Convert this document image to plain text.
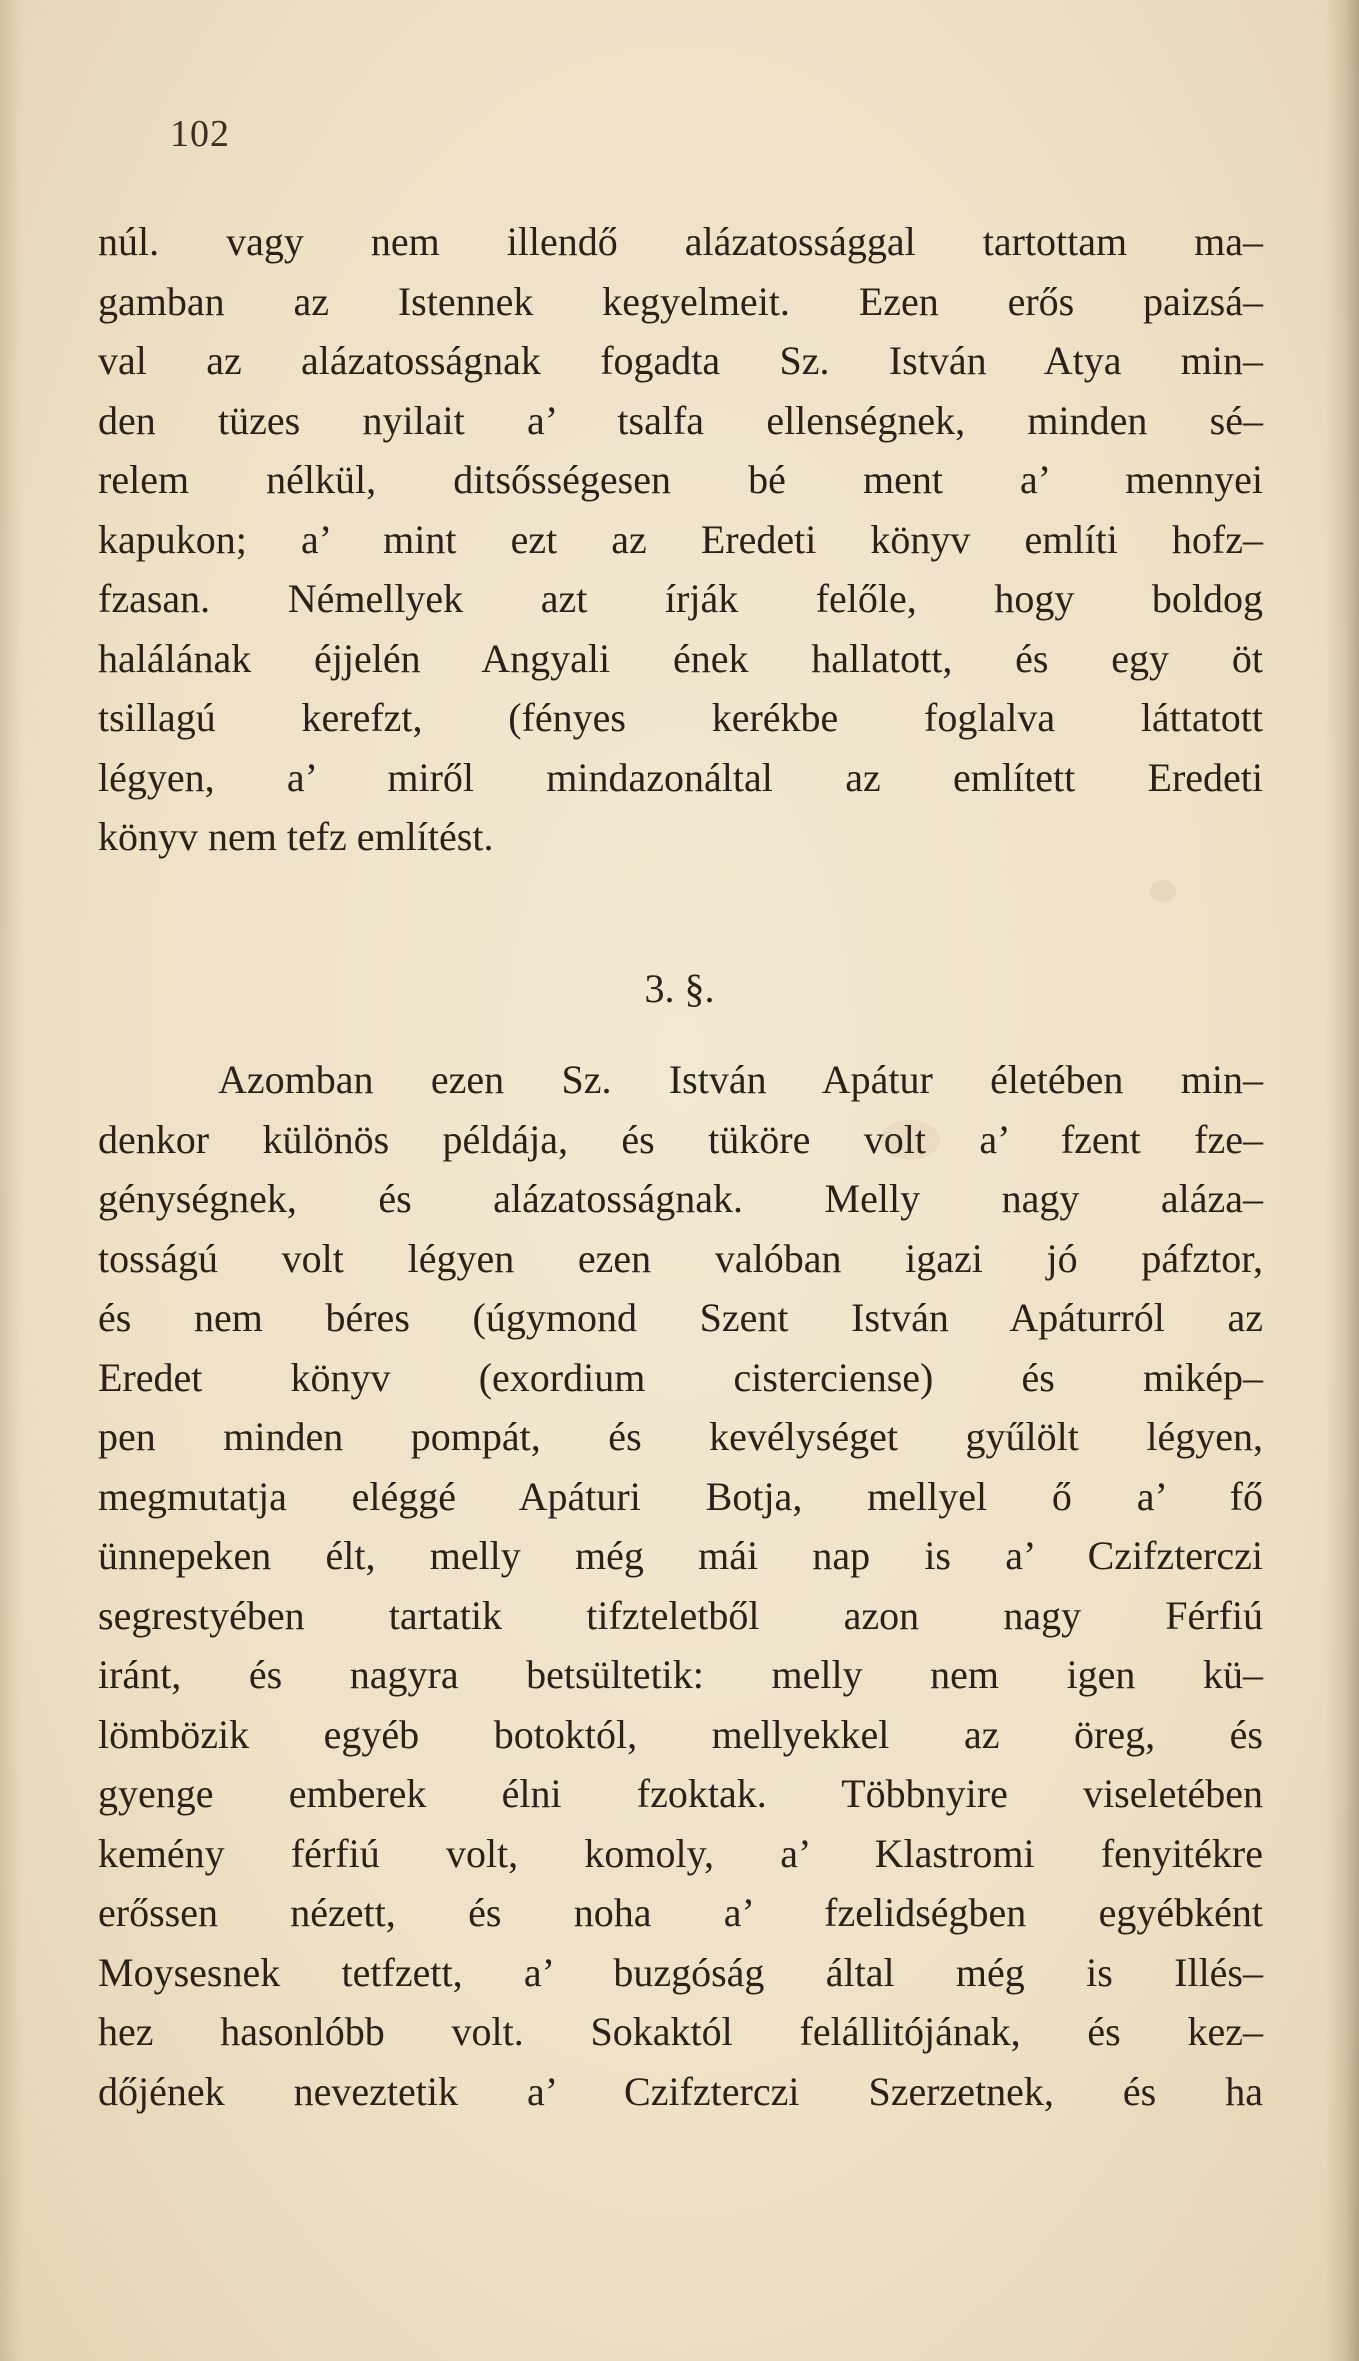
102
núl. vagy nem illendő alázatossággal tartottam ma–
gamban az Istennek kegyelmeit. Ezen erős paizsá–
val az alázatosságnak fogadta Sz. István Atya min–
den tüzes nyilait a’ tsalfa ellenségnek, minden sé–
relem nélkül, ditsősségesen bé ment a’ mennyei
kapukon; a’ mint ezt az Eredeti könyv említi hofz–
fzasan. Némellyek azt írják felőle, hogy boldog
halálának éjjelén Angyali ének hallatott, és egy öt
tsillagú kerefzt, (fényes kerékbe foglalva láttatott
légyen, a’ miről mindazonáltal az említett Eredeti
könyv nem tefz említést.
3. §.
Azomban ezen Sz. István Apátur életében min–
denkor különös példája, és tüköre volt a’ fzent fze–
génységnek, és alázatosságnak. Melly nagy aláza–
tosságú volt légyen ezen valóban igazi jó páfztor,
és nem béres (úgymond Szent István Apáturról az
Eredet könyv (exordium cisterciense) és mikép–
pen minden pompát, és kevélységet gyűlölt légyen,
megmutatja eléggé Apáturi Botja, mellyel ő a’ fő
ünnepeken élt, melly még mái nap is a’ Czifzterczi
segrestyében tartatik tifzteletből azon nagy Férfiú
iránt, és nagyra betsültetik: melly nem igen kü–
lömbözik egyéb botoktól, mellyekkel az öreg, és
gyenge emberek élni fzoktak. Többnyire viseletében
kemény férfiú volt, komoly, a’ Klastromi fenyitékre
erőssen nézett, és noha a’ fzelidségben egyébként
Moysesnek tetfzett, a’ buzgóság által még is Illés–
hez hasonlóbb volt. Sokaktól felállitójának, és kez–
dőjének neveztetik a’ Czifzterczi Szerzetnek, és ha
